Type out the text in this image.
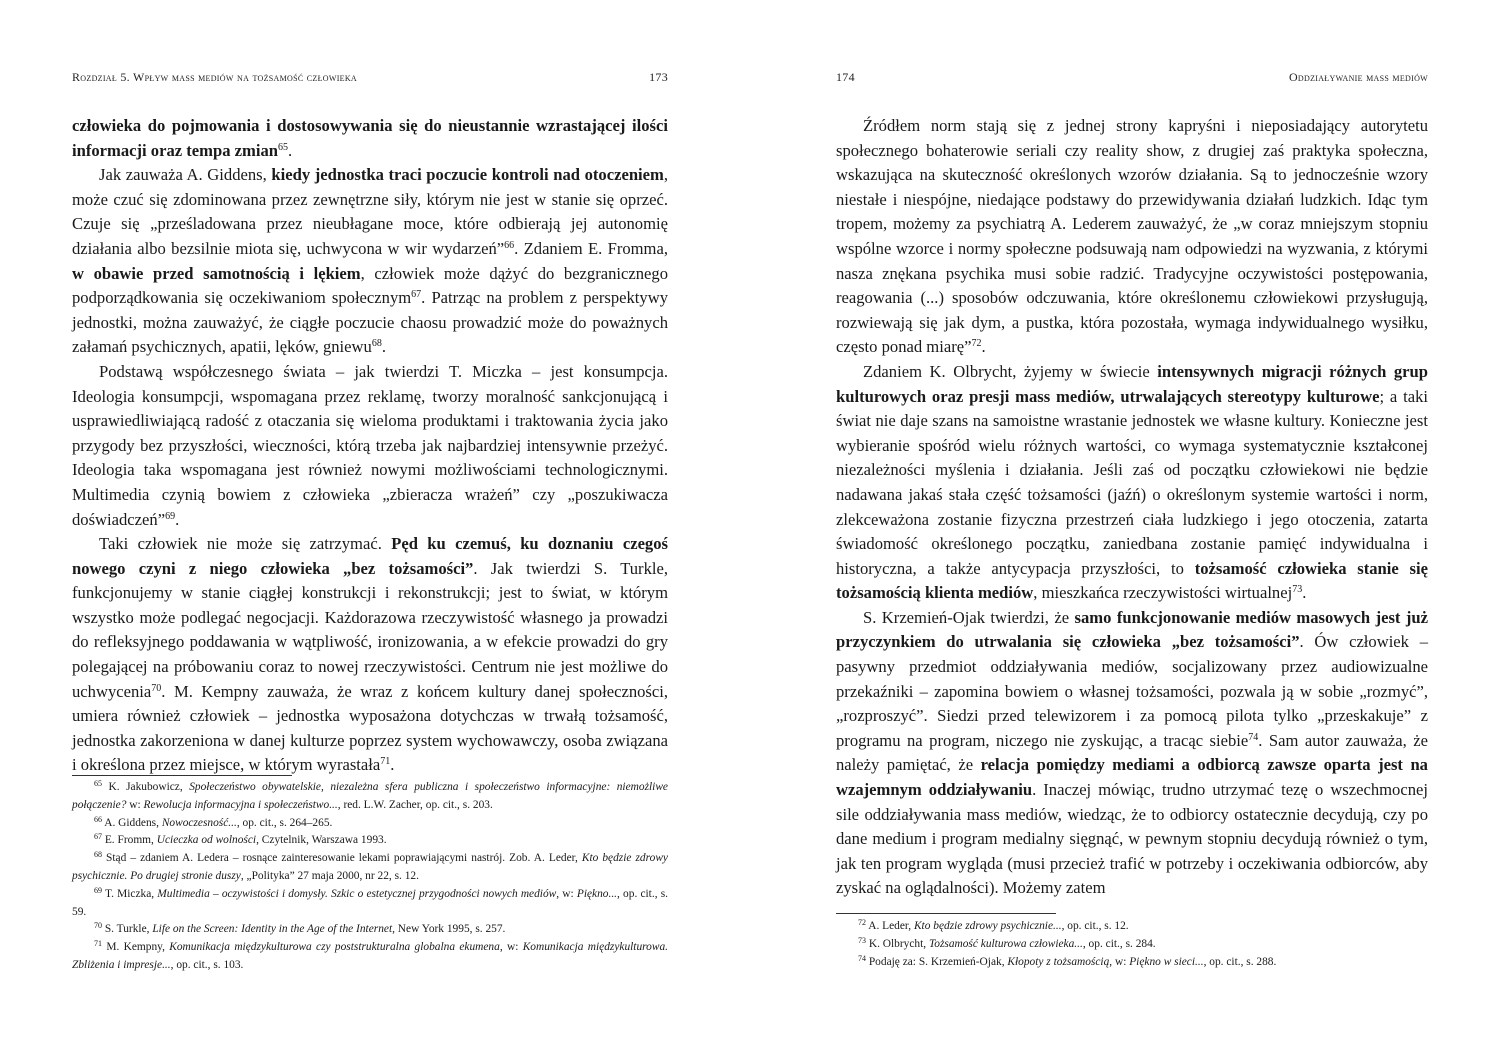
Rozdział 5. Wpływ mass mediów na tożsamość człowieka	173

człowieka do pojmowania i dostosowywania się do nieustannie wzrastającej ilości informacji oraz tempa zmian$^{65}$.

Jak zauważa A. Giddens, kiedy jednostka traci poczucie kontroli nad otoczeniem, może czuć się zdominowana przez zewnętrzne siły, którym nie jest w stanie się oprzeć. Czuje się „prześladowana przez nieubłagane moce, które odbierają jej autonomię działania albo bezsilnie miota się, uchwycona w wir wydarzeń”$^{66}$. Zdaniem E. Fromma, w obawie przed samotnością i lękiem, człowiek może dążyć do bezgranicznego podporządkowania się oczekiwaniom społecznym$^{67}$. Patrząc na problem z perspektywy jednostki, można zauważyć, że ciągłe poczucie chaosu prowadzić może do poważnych załamań psychicznych, apatii, lęków, gniewu$^{68}$.

Podstawą współczesnego świata – jak twierdzi T. Miczka – jest konsumpcja. Ideologia konsumpcji, wspomagana przez reklamę, tworzy moralność sankcjonującą i usprawiedliwiającą radość z otaczania się wieloma produktami i traktowania życia jako przygody bez przyszłości, wieczności, którą trzeba jak najbardziej intensywnie przeżyć. Ideologia taka wspomagana jest również nowymi możliwościami technologicznymi. Multimedia czynią bowiem z człowieka „zbieracza wrażeń” czy „poszukiwacza doświadczeń”$^{69}$.

Taki człowiek nie może się zatrzymać. Pęd ku czemuś, ku doznaniu czegoś nowego czyni z niego człowieka „bez tożsamości”. Jak twierdzi S. Turkle, funkcjonujemy w stanie ciągłej konstrukcji i rekonstrukcji; jest to świat, w którym wszystko może podlegać negocjacji. Każdorazowa rzeczywistość własnego ja prowadzi do refleksyjnego poddawania w wątpliwość, ironizowania, a w efekcie prowadzi do gry polegającej na próbowaniu coraz to nowej rzeczywistości. Centrum nie jest możliwe do uchwycenia$^{70}$. M. Kempny zauważa, że wraz z końcem kultury danej społeczności, umiera również człowiek – jednostka wyposażona dotychczas w trwałą tożsamość, jednostka zakorzeniona w danej kulturze poprzez system wychowawczy, osoba związana i określona przez miejsce, w którym wyrastała$^{71}$.

$^{65}$ K. Jakubowicz, Społeczeństwo obywatelskie, niezależna sfera publiczna i społeczeństwo informacyjne: niemożliwe połączenie? w: Rewolucja informacyjna i społeczeństwo..., red. L.W. Zacher, op. cit., s. 203.

$^{66}$ A. Giddens, Nowoczesność..., op. cit., s. 264–265.

$^{67}$ E. Fromm, Ucieczka od wolności, Czytelnik, Warszawa 1993.

$^{68}$ Stąd – zdaniem A. Ledera – rosnące zainteresowanie lekami poprawiającymi nastrój. Zob. A. Leder, Kto będzie zdrowy psychicznie. Po drugiej stronie duszy, „Polityka” 27 maja 2000, nr 22, s. 12.

$^{69}$ T. Miczka, Multimedia – oczywistości i domysły. Szkic o estetycznej przygodności nowych mediów, w: Piękno..., op. cit., s. 59.

$^{70}$ S. Turkle, Life on the Screen: Identity in the Age of the Internet, New York 1995, s. 257.

$^{71}$ M. Kempny, Komunikacja międzykulturowa czy poststrukturalna globalna ekumena, w: Komunikacja międzykulturowa. Zbliżenia i impresje..., op. cit., s. 103.

174	Oddziaływanie mass mediów

Źródłem norm stają się z jednej strony kapryśni i nieposiadający autorytetu społecznego bohaterowie seriali czy reality show, z drugiej zaś praktyka społeczna, wskazująca na skuteczność określonych wzorów działania. Są to jednocześnie wzory niestałe i niespójne, niedające podstawy do przewidywania działań ludzkich. Idąc tym tropem, możemy za psychiatrą A. Lederem zauważyć, że „w coraz mniejszym stopniu wspólne wzorce i normy społeczne podsuwają nam odpowiedzi na wyzwania, z którymi nasza znękana psychika musi sobie radzić. Tradycyjne oczywistości postępowania, reagowania (...) sposobów odczuwania, które określonemu człowiekowi przysługują, rozwiewają się jak dym, a pustka, która pozostała, wymaga indywidualnego wysiłku, często ponad miarę”$^{72}$.

Zdaniem K. Olbrycht, żyjemy w świecie intensywnych migracji różnych grup kulturowych oraz presji mass mediów, utrwalających stereotypy kulturowe; a taki świat nie daje szans na samoistne wrastanie jednostek we własne kultury. Konieczne jest wybieranie spośród wielu różnych wartości, co wymaga systematycznie kształconej niezależności myślenia i działania. Jeśli zaś od początku człowiekowi nie będzie nadawana jakaś stała część tożsamości (jaźń) o określonym systemie wartości i norm, zlekceważona zostanie fizyczna przestrzeń ciała ludzkiego i jego otoczenia, zatarta świadomość określonego początku, zaniedbana zostanie pamięć indywidualna i historyczna, a także antycypacja przyszłości, to tożsamość człowieka stanie się tożsamością klienta mediów, mieszkańca rzeczywistości wirtualnej$^{73}$.

S. Krzemień-Ojak twierdzi, że samo funkcjonowanie mediów masowych jest już przyczynkiem do utrwalania się człowieka „bez tożsamości”. Ów człowiek – pasywny przedmiot oddziaływania mediów, socjalizowany przez audiowizualne przekaźniki – zapomina bowiem o własnej tożsamości, pozwala ją w sobie „rozmyć”, „rozproszyć”. Siedzi przed telewizorem i za pomocą pilota tylko „przeskakuje” z programu na program, niczego nie zyskując, a tracąc siebie$^{74}$. Sam autor zauważa, że należy pamiętać, że relacja pomiędzy mediami a odbiorcą zawsze oparta jest na wzajemnym oddziaływaniu. Inaczej mówiąc, trudno utrzymać tezę o wszechmocnej sile oddziaływania mass mediów, wiedząc, że to odbiorcy ostatecznie decydują, czy po dane medium i program medialny sięgnąć, w pewnym stopniu decydują również o tym, jak ten program wygląda (musi przecież trafić w potrzeby i oczekiwania odbiorców, aby zyskać na oglądalności). Możemy zatem

$^{72}$ A. Leder, Kto będzie zdrowy psychicznie..., op. cit., s. 12.

$^{73}$ K. Olbrycht, Tożsamość kulturowa człowieka..., op. cit., s. 284.

$^{74}$ Podaję za: S. Krzemień-Ojak, Kłopoty z tożsamością, w: Piękno w sieci..., op. cit., s. 288.
